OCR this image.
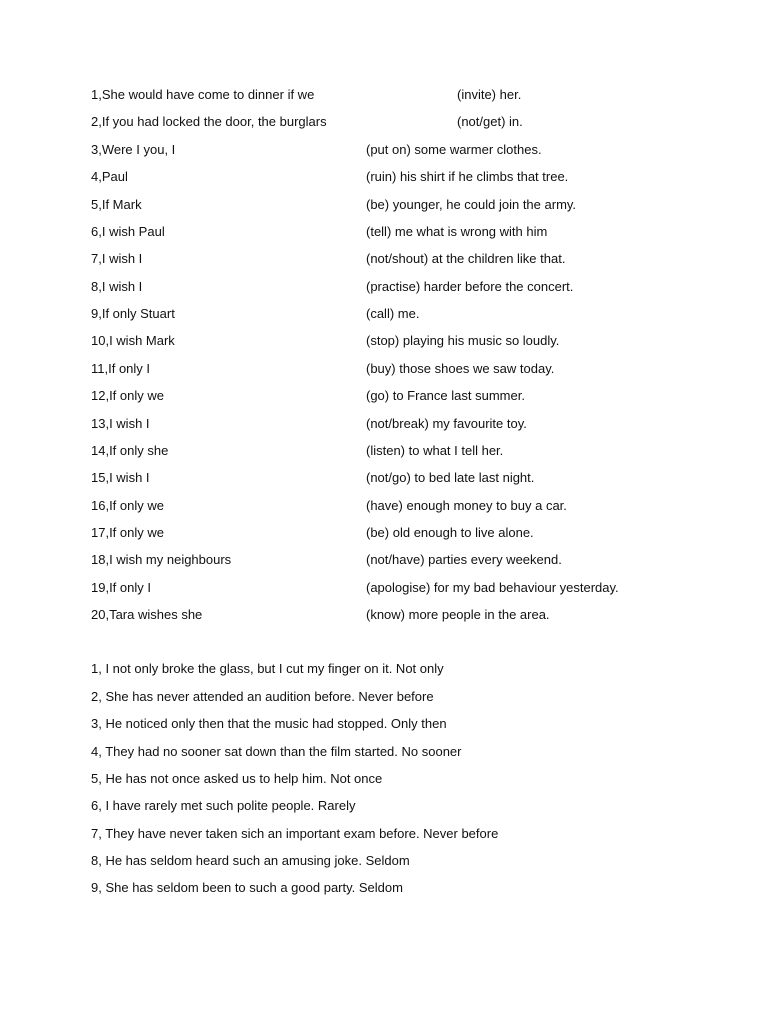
1,She would have come to dinner if we	(invite) her.
2,If you had locked the door, the burglars	(not/get) in.
3,Were I you, I	(put on) some warmer clothes.
4,Paul	(ruin) his shirt if he climbs that tree.
5,If Mark	(be) younger, he could join the army.
6,I wish Paul	(tell) me what is wrong with him
7,I wish I	(not/shout) at the children like that.
8,I wish I	(practise) harder before the concert.
9,If only Stuart	(call) me.
10,I wish Mark	(stop) playing his music so loudly.
11,If only I	(buy) those shoes we saw today.
12,If only we	(go) to France last summer.
13,I wish I	(not/break) my favourite toy.
14,If only she	(listen) to what I tell her.
15,I wish I	(not/go) to bed late last night.
16,If only we	(have) enough money to buy a car.
17,If only we	(be) old enough to live alone.
18,I wish my neighbours	(not/have) parties every weekend.
19,If only I	(apologise) for my bad behaviour yesterday.
20,Tara wishes she	(know) more people in the area.
1, I not only broke the glass, but I cut my finger on it. Not only
2, She has never attended an audition before. Never before
3, He noticed only then that the music had stopped. Only then
4, They had no sooner sat down than the film started. No sooner
5, He has not once asked us to help him. Not once
6, I have rarely met such polite people. Rarely
7, They have never taken sich an important exam before. Never before
8, He has seldom heard such an amusing joke. Seldom
9, She has seldom been to such a good party. Seldom
